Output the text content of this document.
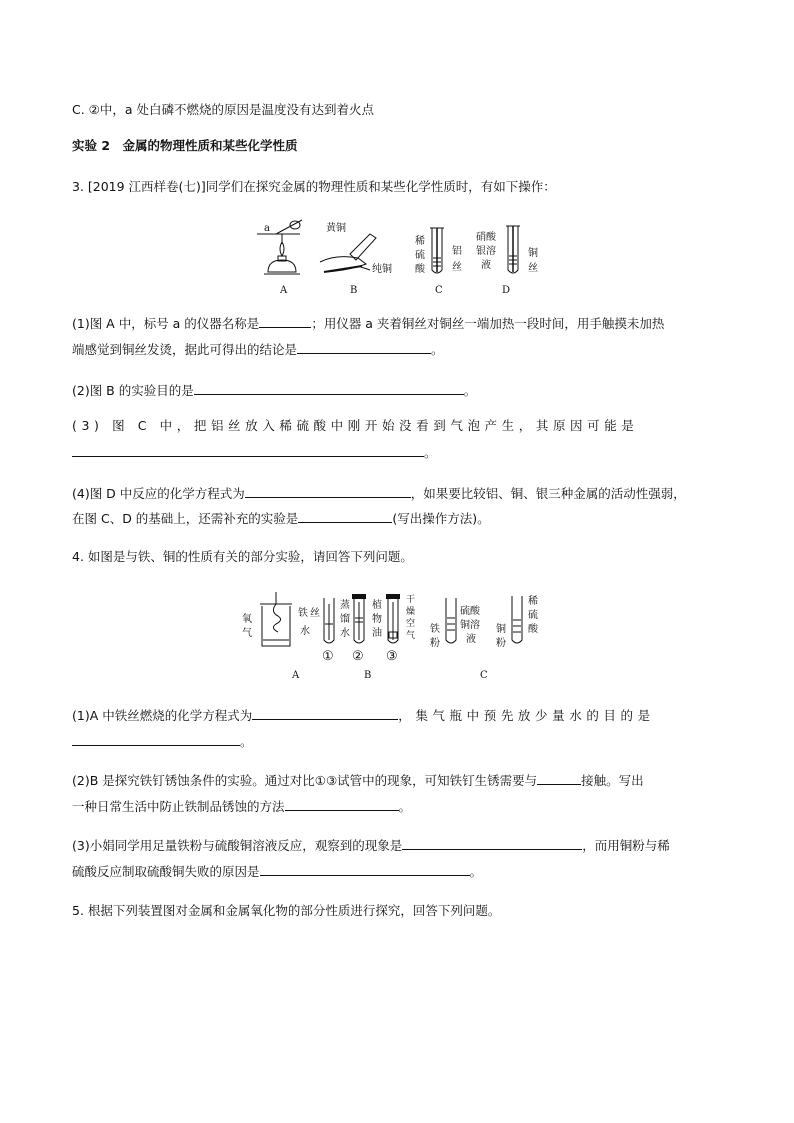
C. ②中，a 处白磷不燃烧的原因是温度没有达到着火点
实验 2　金属的物理性质和某些化学性质
3. [2019 江西样卷(七)]同学们在探究金属的物理性质和某些化学性质时，有如下操作：
a	黄铜
纯铜
稀
硫
酸
铝
丝
硝酸
银溶
液
铜
丝
A	B	C	D
(1)图 A 中，标号 a 的仪器名称是	；用仪器 a 夹着铜丝对铜丝一端加热一段时间，用手触摸未加热
端感觉到铜丝发烫，据此可得出的结论是	。
(2)图 B 的实验目的是	。
(3) 图 C 中，把铝丝放入稀硫酸中刚开始没看到气泡产生，其原因可能是
。
(4)图 D 中反应的化学方程式为	，如果要比较铝、铜、银三种金属的活动性强弱，
在图 C、D 的基础上，还需补充的实验是	(写出操作方法)。
4. 如图是与铁、铜的性质有关的部分实验，请回答下列问题。
氧
气
铁 丝
水
蒸
馏
水
植
物
油
干
燥
空
气
① ② ③
铁
粉
硫酸
铜溶
液
铜
粉
稀
硫
酸
A	B	C
(1)A 中铁丝燃烧的化学方程式为	，集气瓶中预先放少量水的目的是
。
(2)B 是探究铁钉锈蚀条件的实验。通过对比①③试管中的现象，可知铁钉生锈需要与	接触。写出
一种日常生活中防止铁制品锈蚀的方法	。
(3)小娟同学用足量铁粉与硫酸铜溶液反应，观察到的现象是	，而用铜粉与稀
硫酸反应制取硫酸铜失败的原因是	。
5. 根据下列装置图对金属和金属氧化物的部分性质进行探究，回答下列问题。
